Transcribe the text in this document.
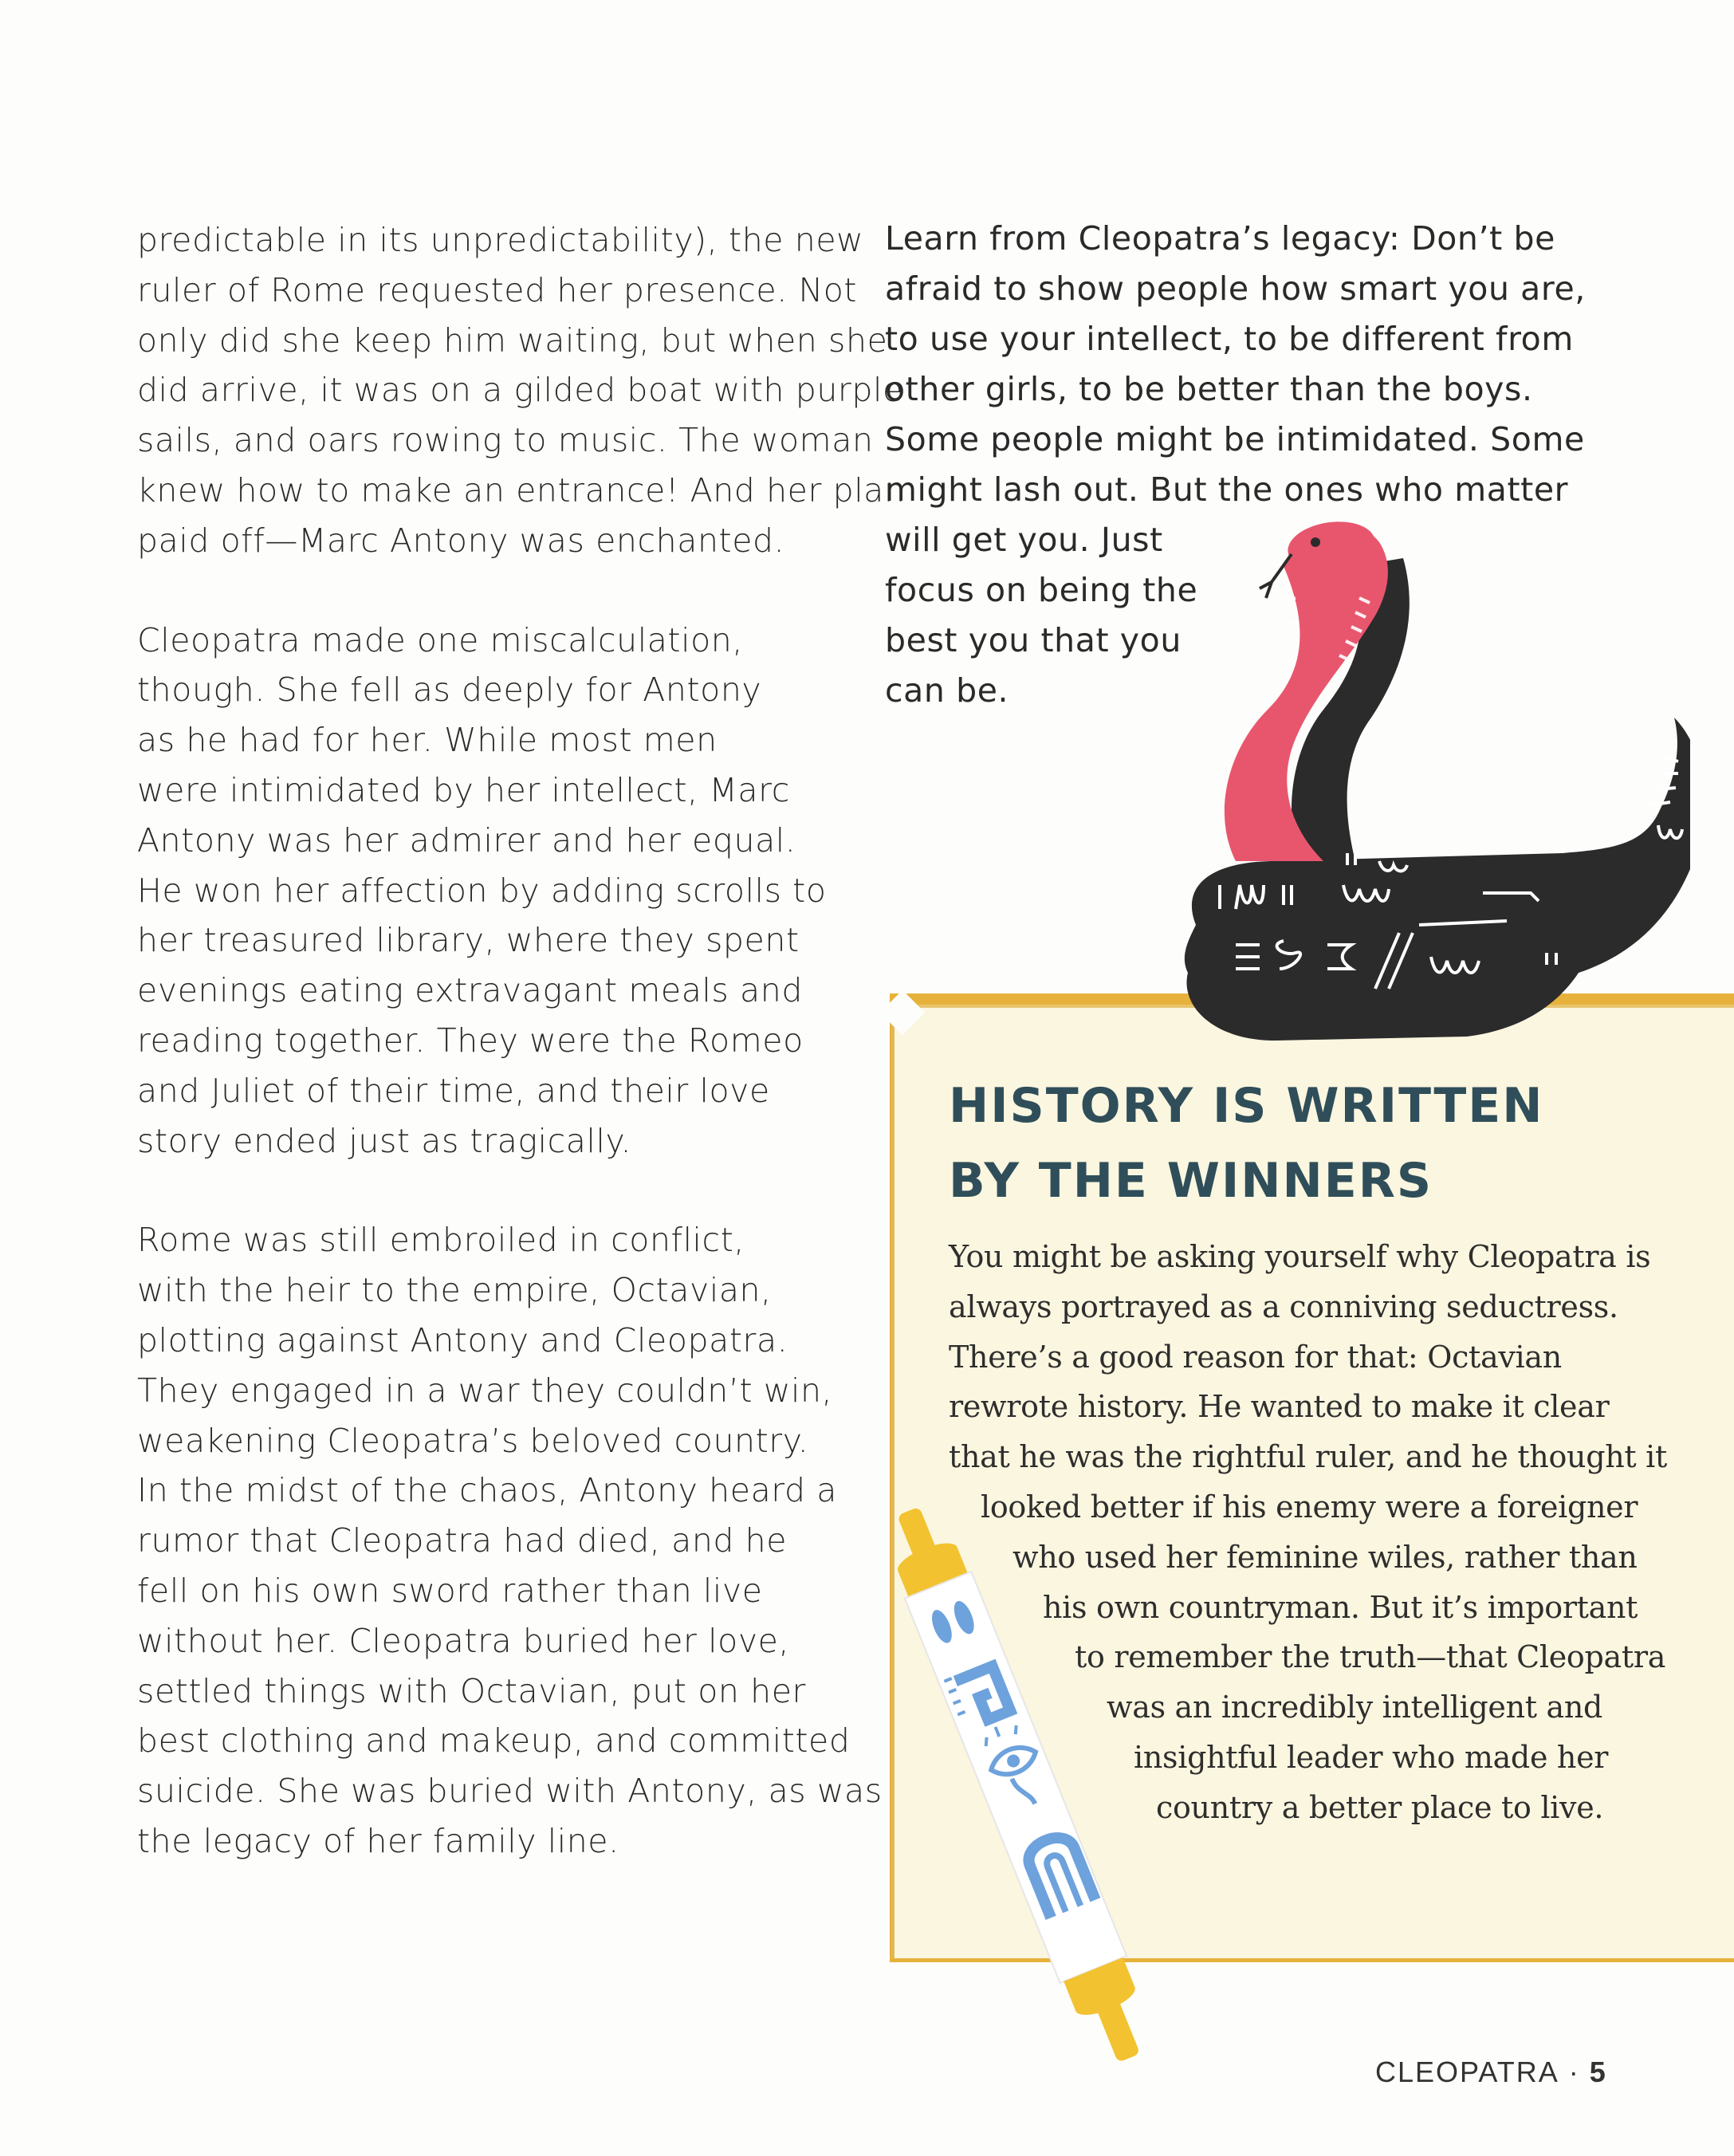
predictable in its unpredictability), the new
ruler of Rome requested her presence. Not
only did she keep him waiting, but when she
did arrive, it was on a gilded boat with purple
sails, and oars rowing to music. The woman
knew how to make an entrance! And her plan
paid off—Marc Antony was enchanted.
Cleopatra made one miscalculation,
though. She fell as deeply for Antony
as he had for her. While most men
were intimidated by her intellect, Marc
Antony was her admirer and her equal.
He won her affection by adding scrolls to
her treasured library, where they spent
evenings eating extravagant meals and
reading together. They were the Romeo
and Juliet of their time, and their love
story ended just as tragically.
Rome was still embroiled in conflict,
with the heir to the empire, Octavian,
plotting against Antony and Cleopatra.
They engaged in a war they couldn’t win,
weakening Cleopatra’s beloved country.
In the midst of the chaos, Antony heard a
rumor that Cleopatra had died, and he
fell on his own sword rather than live
without her. Cleopatra buried her love,
settled things with Octavian, put on her
best clothing and makeup, and committed
suicide. She was buried with Antony, as was
the legacy of her family line.
Learn from Cleopatra’s legacy: Don’t be
afraid to show people how smart you are,
to use your intellect, to be different from
other girls, to be better than the boys.
Some people might be intimidated. Some
might lash out. But the ones who matter
will get you. Just
focus on being the
best you that you
can be.
HISTORY IS WRITTEN
BY THE WINNERS
You might be asking yourself why Cleopatra is
always portrayed as a conniving seductress.
There’s a good reason for that: Octavian
rewrote history. He wanted to make it clear
that he was the rightful ruler, and he thought it
looked better if his enemy were a foreigner
who used her feminine wiles, rather than
his own countryman. But it’s important
to remember the truth—that Cleopatra
was an incredibly intelligent and
insightful leader who made her
country a better place to live.
CLEOPATRA · 5
